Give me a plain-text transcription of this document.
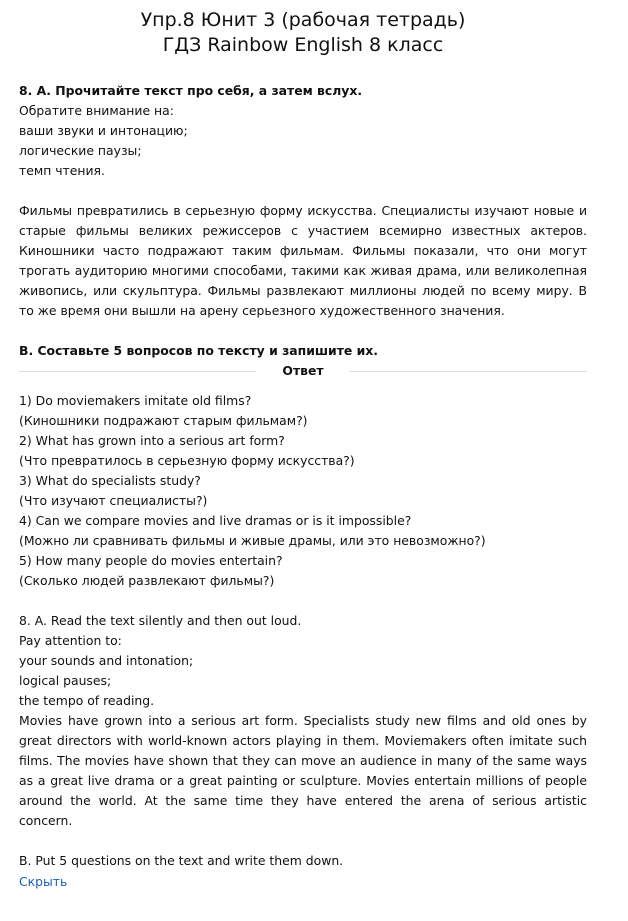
Упр.8 Юнит 3 (рабочая тетрадь)
ГДЗ Rainbow English 8 класс

8. А. Прочитайте текст про себя, а затем вслух.

Обратите внимание на:

ваши звуки и интонацию;

логические паузы;

темп чтения.

Фильмы превратились в серьезную форму искусства. Специалисты изучают новые и старые фильмы великих режиссеров с участием всемирно известных актеров. Киношники часто подражают таким фильмам. Фильмы показали, что они могут трогать аудиторию многими способами, такими как живая драма, или великолепная живопись, или скульптура. Фильмы развлекают миллионы людей по всему миру. В то же время они вышли на арену серьезного художественного значения.

B. Составьте 5 вопросов по тексту и запишите их.

Ответ

1) Do moviemakers imitate old films?

(Киношники подражают старым фильмам?)

2) What has grown into a serious art form?

(Что превратилось в серьезную форму искусства?)

3) What do specialists study?

(Что изучают специалисты?)

4) Can we compare movies and live dramas or is it impossible?

(Можно ли сравнивать фильмы и живые драмы, или это невозможно?)

5) How many people do movies entertain?

(Сколько людей развлекают фильмы?)

8. A. Read the text silently and then out loud.

Pay attention to:

your sounds and intonation;

logical pauses;

the tempo of reading.

Movies have grown into a serious art form. Specialists study new films and old ones by great directors with world-known actors playing in them. Moviemakers often imitate such films. The movies have shown that they can move an audience in many of the same ways as a great live drama or a great painting or sculpture. Movies entertain millions of people around the world. At the same time they have entered the arena of serious artistic concern.

B. Put 5 questions on the text and write them down.

Скрыть
